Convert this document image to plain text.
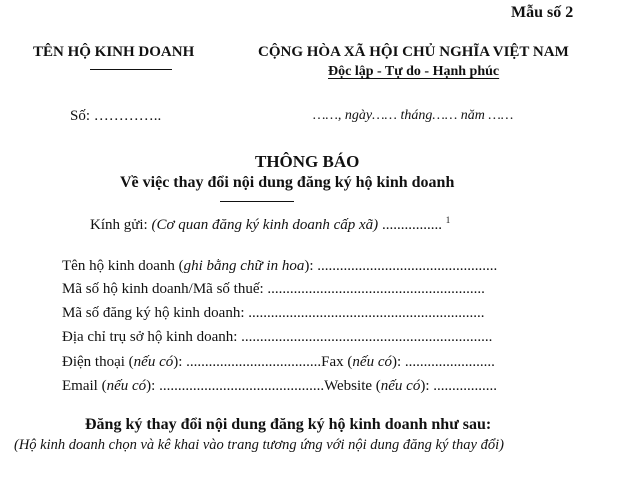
Mẫu số 2
TÊN HỘ KINH DOANH	CỘNG HÒA XÃ HỘI CHỦ NGHĨA VIỆT NAM
Độc lập - Tự do - Hạnh phúc
Số: …………..	……, ngày…… tháng…… năm ……
THÔNG BÁO
Về việc thay đổi nội dung đăng ký hộ kinh doanh
Kính gửi: (Cơ quan đăng ký kinh doanh cấp xã) ................ $^1$
Tên hộ kinh doanh (ghi bằng chữ in hoa): ................................................
Mã số hộ kinh doanh/Mã số thuế: ..........................................................
Mã số đăng ký hộ kinh doanh: ...............................................................
Địa chỉ trụ sở hộ kinh doanh: ...................................................................
Điện thoại (nếu có): ....................................Fax (nếu có): ........................
Email (nếu có): ............................................Website (nếu có): .................
Đăng ký thay đổi nội dung đăng ký hộ kinh doanh như sau:
(Hộ kinh doanh chọn và kê khai vào trang tương ứng với nội dung đăng ký thay đổi)
